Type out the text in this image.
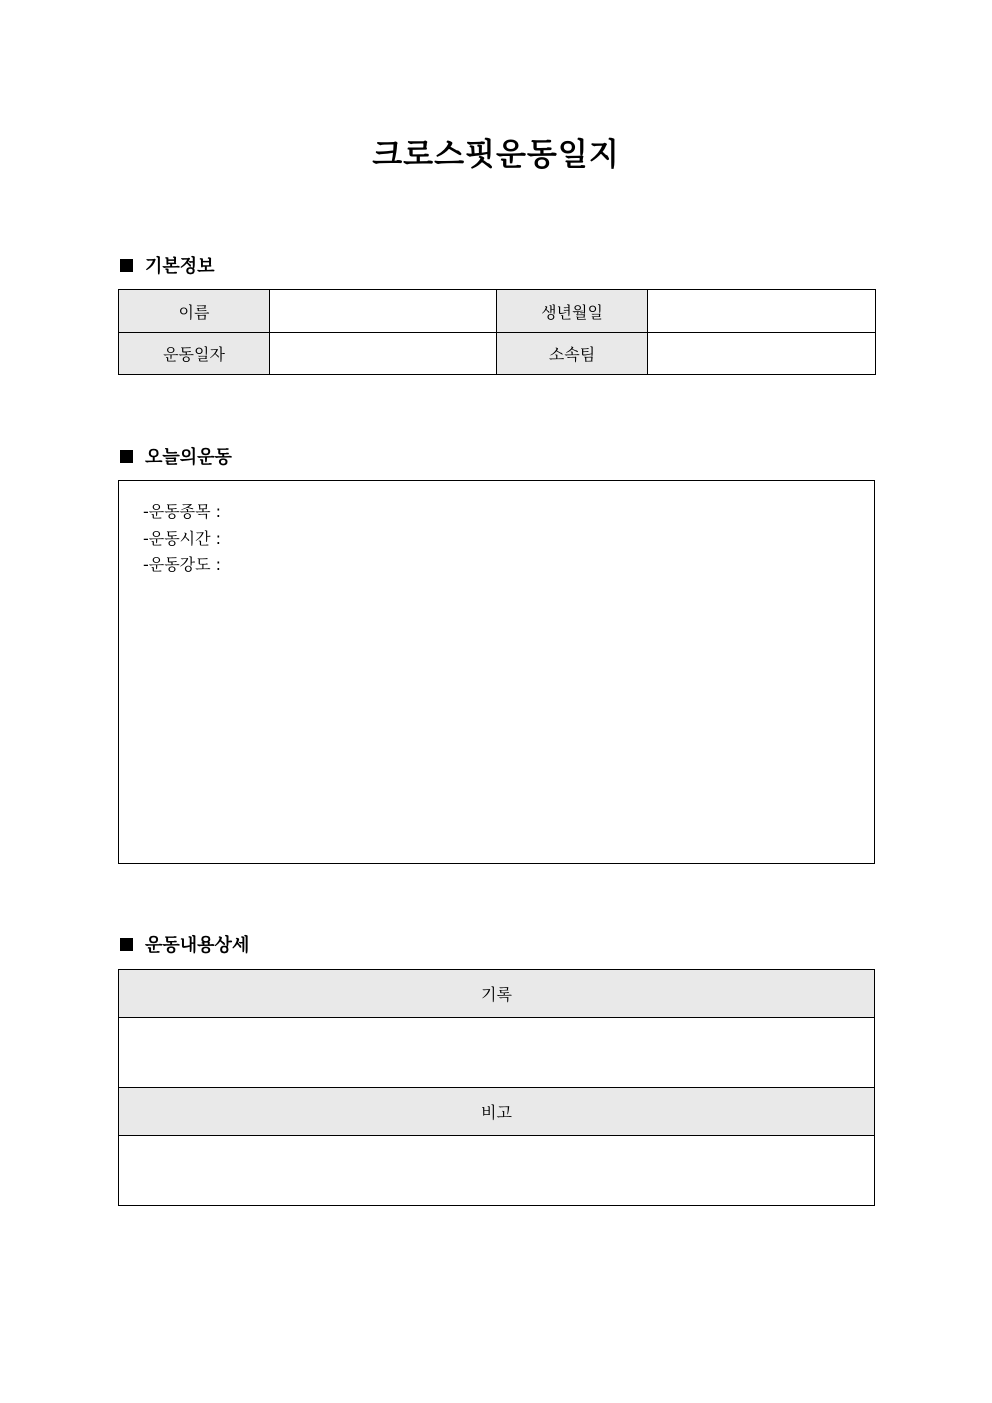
크로스핏운동일지
기본정보
이름		생년월일	
운동일자		소속팀	
오늘의운동
-운동종목 :
-운동시간 :
-운동강도 :
운동내용상세
기록

비고
